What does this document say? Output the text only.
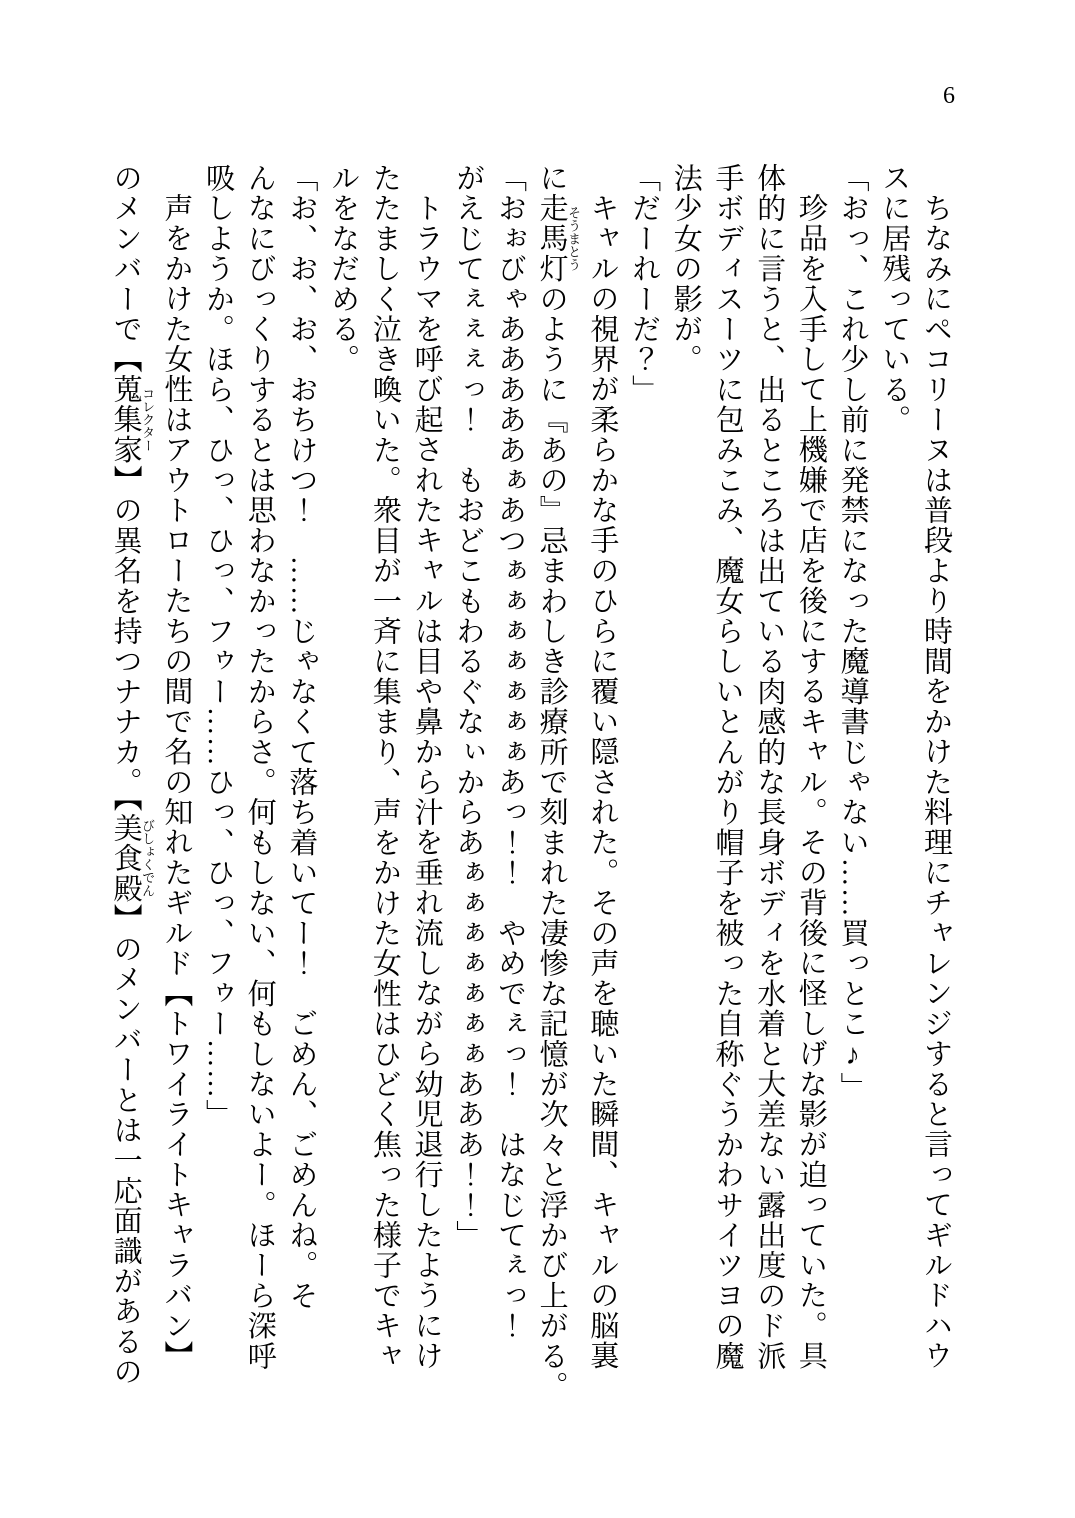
6

ちなみにペコリーヌは普段より時間をかけた料理にチャレンジすると言ってギルドハウ

スに居残っている。

「おっ、これ少し前に発禁になった魔導書じゃない……買っとこ♪」

珍品を入手して上機嫌で店を後にするキャル。その背後に怪しげな影が迫っていた。具

体的に言うと、出るところは出ている肉感的な長身ボディを水着と大差ない露出度のド派

手ボディスーツに包みこみ、魔女らしいとんがり帽子を被った自称ぐうかわサイツヨの魔

法少女の影が。

「だーれーだ？」

キャルの視界が柔らかな手のひらに覆い隠された。その声を聴いた瞬間、キャルの脳裏

に走馬灯そうまとうのように『あの』忌まわしき診療所で刻まれた凄惨な記憶が次々と浮かび上がる。

「おぉびゃあああああぁあつぁぁぁぁぁぁぁあっ！！　やめでぇっ！　はなじてぇっ！

がえじてぇぇぇっ！　もおどこもわるぐなぃからあぁぁぁぁぁぁぁあああ！！」

トラウマを呼び起されたキャルは目や鼻から汁を垂れ流しながら幼児退行したようにけ

たたましく泣き喚いた。衆目が一斉に集まり、声をかけた女性はひどく焦った様子でキャ

ルをなだめる。

「お、お、お、おちけつ！　……じゃなくて落ち着いてー！　ごめん、ごめんね。そ

んなにびっくりするとは思わなかったからさ。何もしない、何もしないよー。ほーら深呼

吸しようか。ほら、ひっ、ひっ、フゥー……ひっ、ひっ、フゥー……」

声をかけた女性はアウトローたちの間で名の知れたギルド【トワイライトキャラバン】

のメンバーで【蒐集家コレクター】の異名を持つナナカ。【美食殿びしょくでん】のメンバーとは一応面識があるの
